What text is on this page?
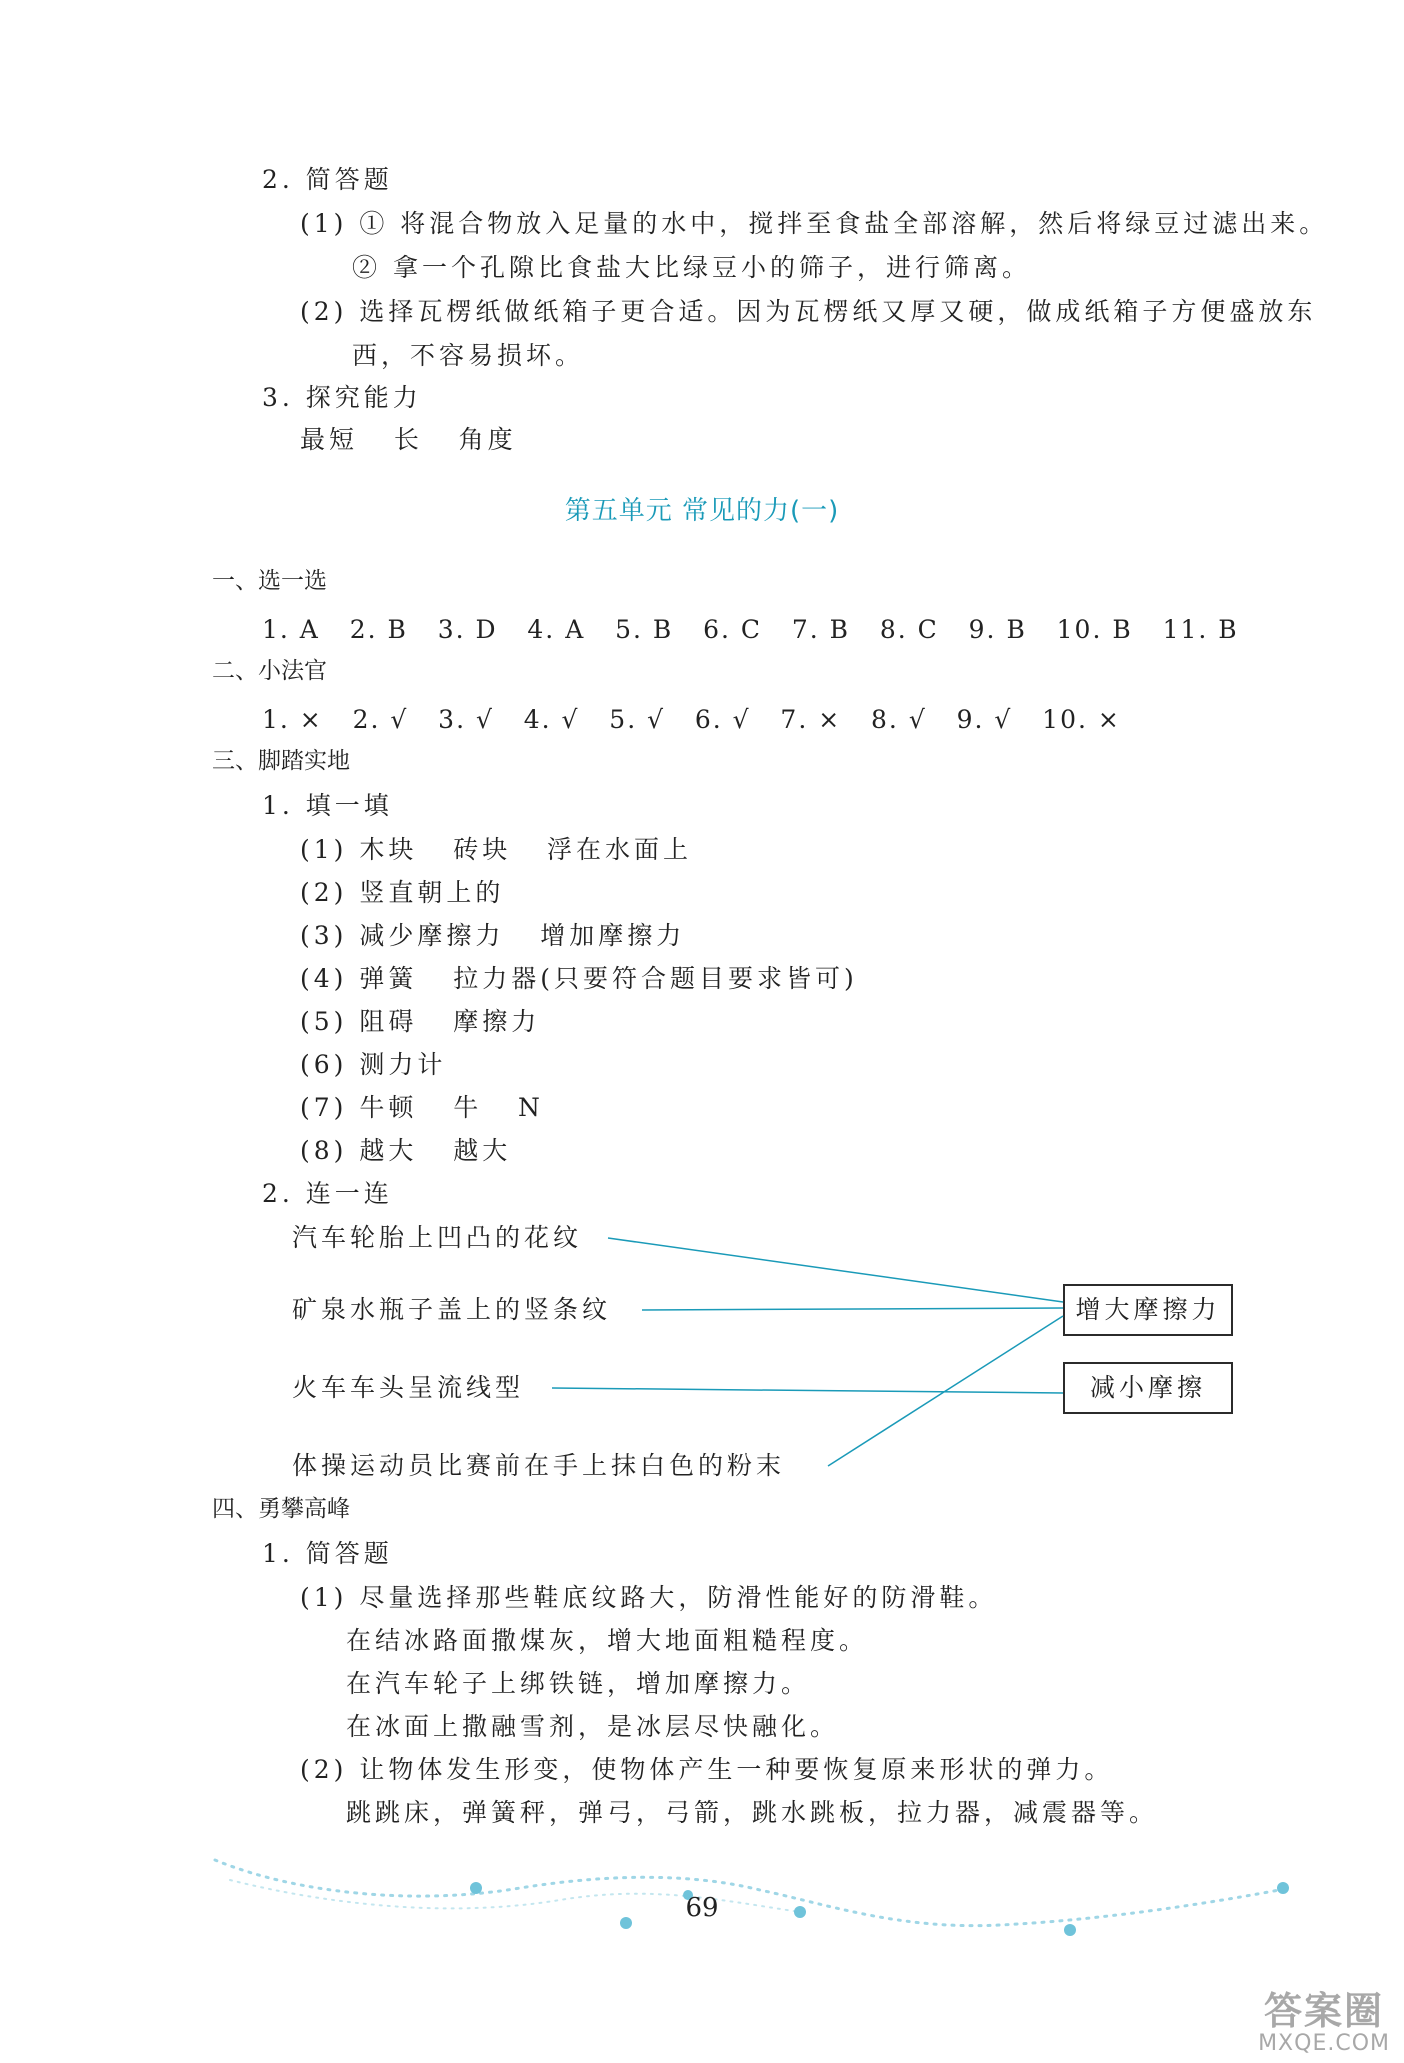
2. 简答题
(1) ① 将混合物放入足量的水中，搅拌至食盐全部溶解，然后将绿豆过滤出来。
② 拿一个孔隙比食盐大比绿豆小的筛子，进行筛离。
(2) 选择瓦楞纸做纸箱子更合适。因为瓦楞纸又厚又硬，做成纸箱子方便盛放东
西，不容易损坏。
3. 探究能力
最短   长   角度
第五单元 常见的力(一)
一、选一选
1. A   2. B   3. D   4. A   5. B   6. C   7. B   8. C   9. B   10. B   11. B
二、小法官
1. ×   2. √   3. √   4. √   5. √   6. √   7. ×   8. √   9. √   10. ×
三、脚踏实地
1. 填一填
(1) 木块   砖块   浮在水面上
(2) 竖直朝上的
(3) 减少摩擦力   增加摩擦力
(4) 弹簧   拉力器(只要符合题目要求皆可)
(5) 阻碍   摩擦力
(6) 测力计
(7) 牛顿   牛   N
(8) 越大   越大
2. 连一连
汽车轮胎上凹凸的花纹
矿泉水瓶子盖上的竖条纹
火车车头呈流线型
体操运动员比赛前在手上抹白色的粉末
增大摩擦力
减小摩擦
四、勇攀高峰
1. 简答题
(1) 尽量选择那些鞋底纹路大，防滑性能好的防滑鞋。
在结冰路面撒煤灰，增大地面粗糙程度。
在汽车轮子上绑铁链，增加摩擦力。
在冰面上撒融雪剂，是冰层尽快融化。
(2) 让物体发生形变，使物体产生一种要恢复原来形状的弹力。
跳跳床，弹簧秤，弹弓，弓箭，跳水跳板，拉力器，减震器等。
69
答案圈
MXQE.COM
